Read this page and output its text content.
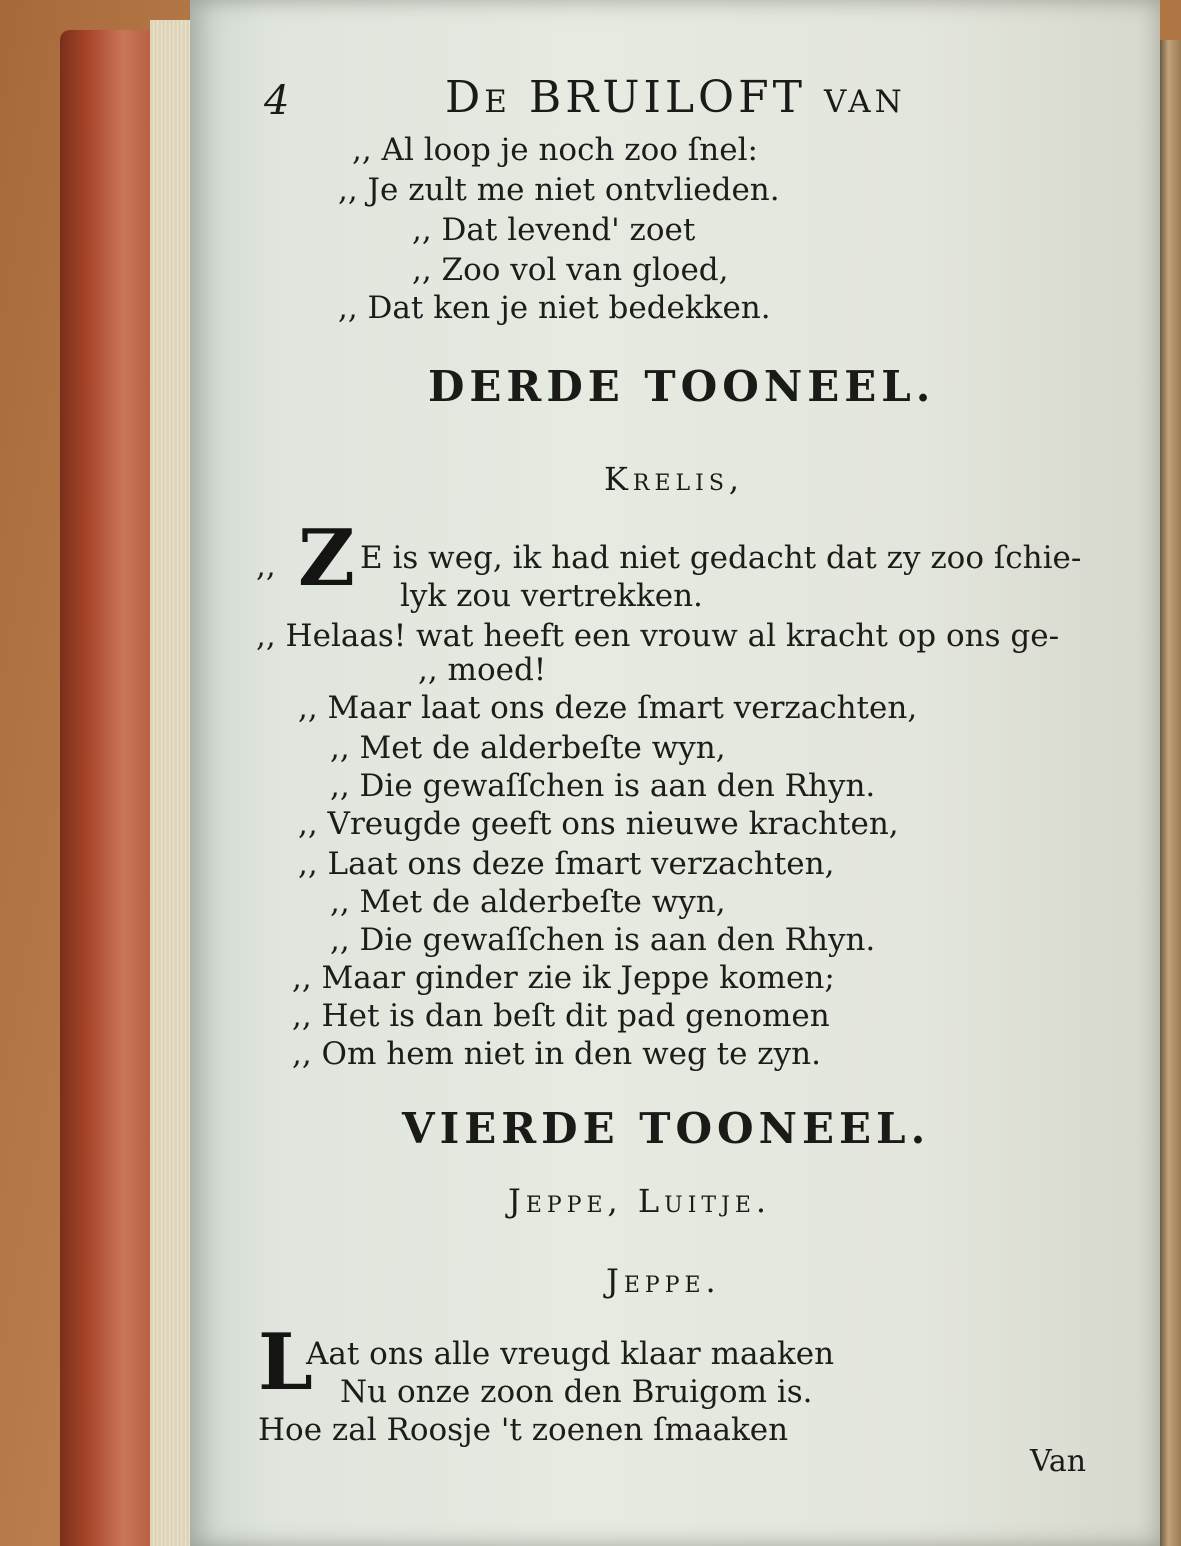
4	De BRUILOFT van
,, Al loop je noch zoo ſnel:
,, Je zult me niet ontvlieden.
,, Dat levend' zoet
,, Zoo vol van gloed,
,, Dat ken je niet bedekken.
DERDE TOONEEL.
Krelis,
,, Z E is weg, ik had niet gedacht dat zy zoo ſchie-
lyk zou vertrekken.
,, Helaas! wat heeft een vrouw al kracht op ons ge-
,, moed!
,, Maar laat ons deze ſmart verzachten,
,, Met de alderbeſte wyn,
,, Die gewaſſchen is aan den Rhyn.
,, Vreugde geeft ons nieuwe krachten,
,, Laat ons deze ſmart verzachten,
,, Met de alderbeſte wyn,
,, Die gewaſſchen is aan den Rhyn.
,, Maar ginder zie ik Jeppe komen;
,, Het is dan beſt dit pad genomen
,, Om hem niet in den weg te zyn.
VIERDE TOONEEL.
Jeppe, Luitje.
Jeppe.
L
Aat ons alle vreugd klaar maaken
Nu onze zoon den Bruigom is.
Hoe zal Roosje 't zoenen ſmaaken
Van
